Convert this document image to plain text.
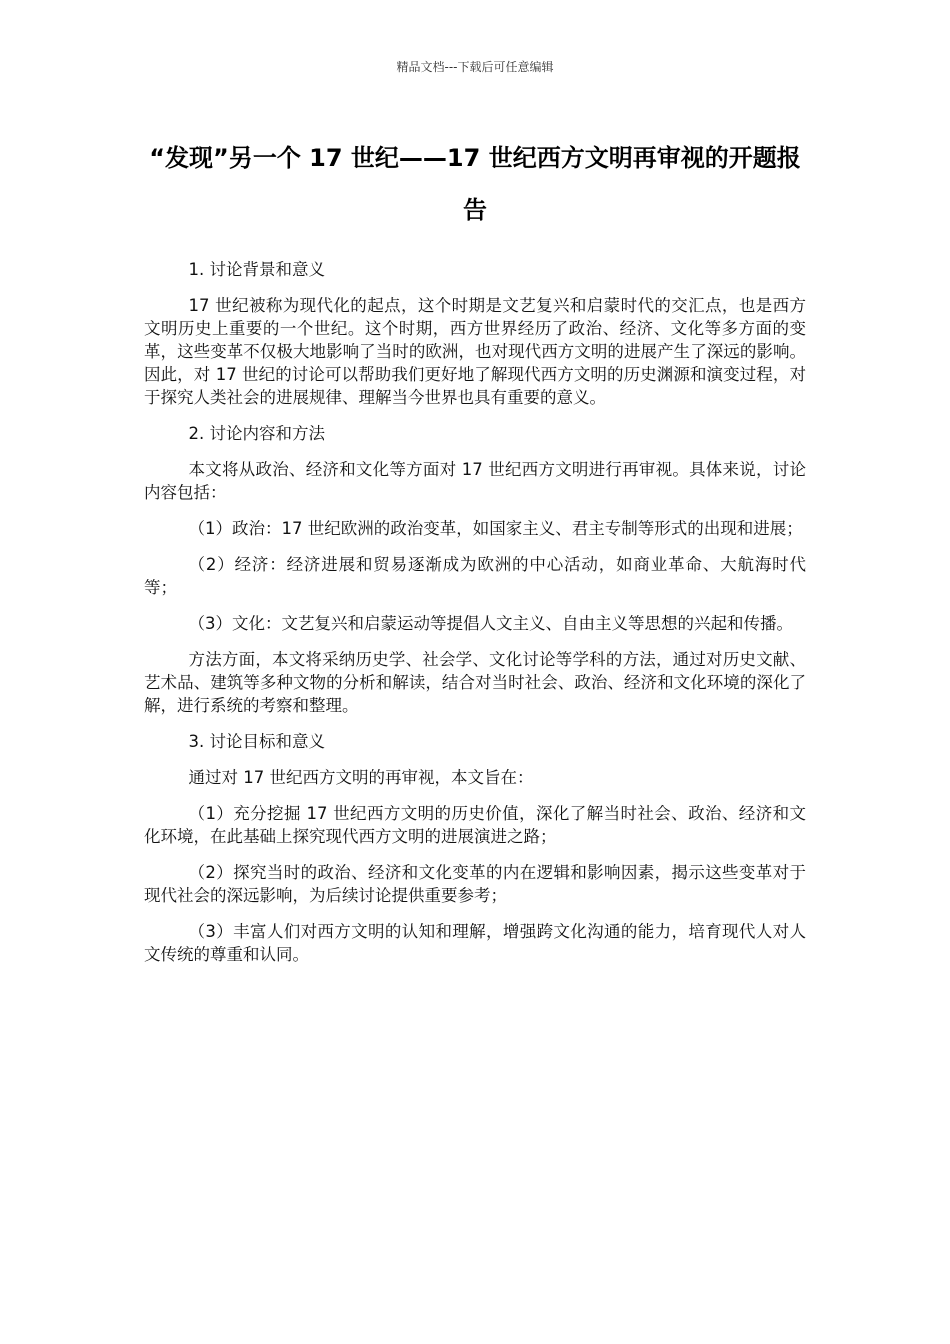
精品文档---下载后可任意编辑
“发现”另一个 17 世纪——17 世纪西方文明再审视的开题报告

1. 讨论背景和意义

17 世纪被称为现代化的起点，这个时期是文艺复兴和启蒙时代的交汇点，也是西方文明历史上重要的一个世纪。这个时期，西方世界经历了政治、经济、文化等多方面的变革，这些变革不仅极大地影响了当时的欧洲，也对现代西方文明的进展产生了深远的影响。因此，对 17 世纪的讨论可以帮助我们更好地了解现代西方文明的历史渊源和演变过程，对于探究人类社会的进展规律、理解当今世界也具有重要的意义。

2. 讨论内容和方法

本文将从政治、经济和文化等方面对 17 世纪西方文明进行再审视。具体来说，讨论内容包括：

（1）政治：17 世纪欧洲的政治变革，如国家主义、君主专制等形式的出现和进展；

（2）经济：经济进展和贸易逐渐成为欧洲的中心活动，如商业革命、大航海时代等；

（3）文化：文艺复兴和启蒙运动等提倡人文主义、自由主义等思想的兴起和传播。

方法方面，本文将采纳历史学、社会学、文化讨论等学科的方法，通过对历史文献、艺术品、建筑等多种文物的分析和解读，结合对当时社会、政治、经济和文化环境的深化了解，进行系统的考察和整理。

3. 讨论目标和意义

通过对 17 世纪西方文明的再审视，本文旨在：

（1）充分挖掘 17 世纪西方文明的历史价值，深化了解当时社会、政治、经济和文化环境，在此基础上探究现代西方文明的进展演进之路；

（2）探究当时的政治、经济和文化变革的内在逻辑和影响因素，揭示这些变革对于现代社会的深远影响，为后续讨论提供重要参考；

（3）丰富人们对西方文明的认知和理解，增强跨文化沟通的能力，培育现代人对人文传统的尊重和认同。
